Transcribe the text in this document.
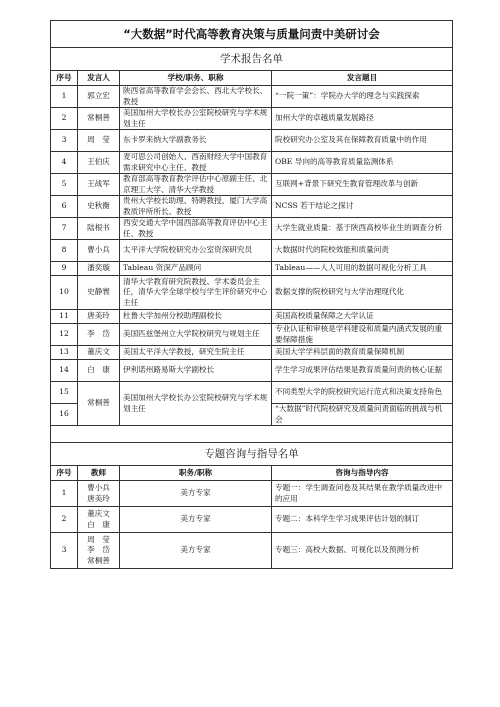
“大数据”时代高等教育决策与质量问责中美研讨会			
学术报告名单			
序号	发言人	学校/职务、职称	发言题目
1	郭立宏	陕西省高等教育学会会长、西北大学校长、教授	“一院一策”：学院办大学的理念与实践探索
2	常桐善	美国加州大学校长办公室院校研究与学术规划主任	加州大学的卓越质量发展路径
3	周　莹	东卡罗来纳大学副教务长	院校研究办公室及其在保障教育质量中的作用
4	王伯庆	麦可思公司创始人、西南财经大学中国教育需求研究中心主任、教授	OBE 导向的高等教育质量监测体系
5	王战军	教育部高等教育教学评估中心原副主任、北京理工大学、清华大学教授	互联网+背景下研究生教育管理改革与创新
6	史秋衡	贵州大学校长助理、特聘教授，厦门大学高教质评所所长、教授	NCSS 若干结论之探讨
7	陆根书	西安交通大学中国西部高等教育评估中心主任、教授	大学生就业质量：基于陕西高校毕业生的调查分析
8	曹小兵	太平洋大学院校研究办公室资深研究员	大数据时代的院校效能和质量问责
9	潘奕璇	Tableau 资深产品顾问	Tableau——人人可用的数据可视化分析工具
10	史静寰	清华大学教育研究院教授、学术委员会主任，清华大学全球学校与学生评价研究中心主任	数据支撑的院校研究与大学治理现代化
11	唐美玲	杜鲁大学加州分校助理副校长	美国高校质量保障之大学认证
12	李　岱	美国匹兹堡州立大学院校研究与规划主任	专业认证和审核是学科建设和质量内涵式发展的重要保障措施
13	董庆文	美国太平洋大学教授，研究生院主任	美国大学学科层面的教育质量保障机制
14	白　康	伊利诺州路易斯大学副校长	学生学习成果评估结果是教育质量问责的核心证据
15	常桐善	美国加州大学校长办公室院校研究与学术规划主任	不同类型大学的院校研究运行范式和决策支持角色
16			“大数据”时代院校研究及质量问责面临的挑战与机会

专题咨询与指导名单			
序号	教师	职务/职称	咨询与指导内容
1	曹小兵
唐美玲	美方专家	专题一：学生调查问卷及其结果在教学质量改进中的应用
2	董庆文
白　康	美方专家	专题二：本科学生学习成果评估计划的制订
3	周　莹
李　岱
常桐善	美方专家	专题三：高校大数据、可视化以及预测分析
